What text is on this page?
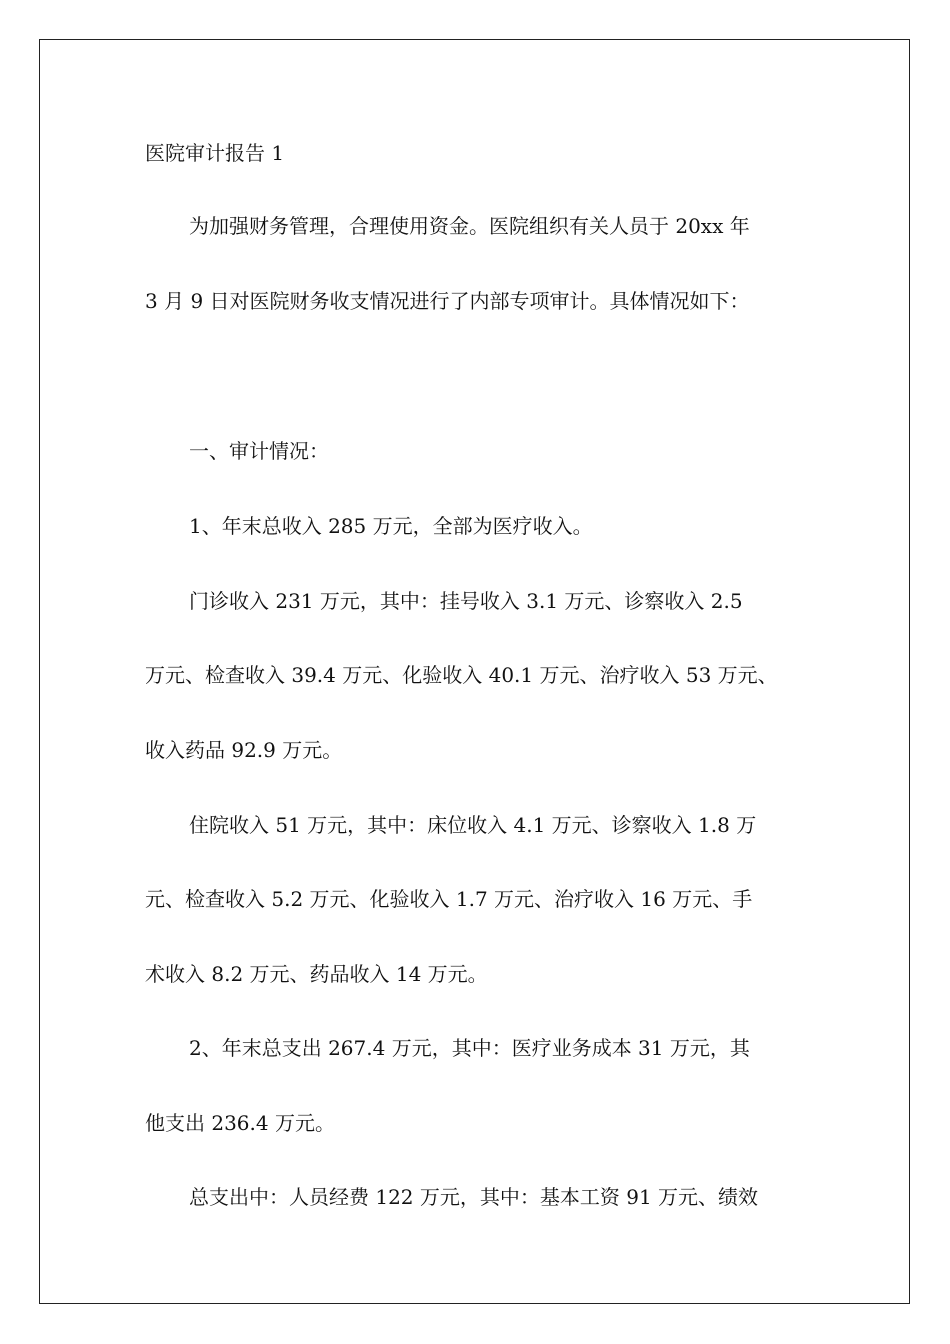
医院审计报告 1
为加强财务管理，合理使用资金。医院组织有关人员于 20xx 年
3 月 9 日对医院财务收支情况进行了内部专项审计。具体情况如下：
一、审计情况：
1、年末总收入 285 万元，全部为医疗收入。
门诊收入 231 万元，其中：挂号收入 3.1 万元、诊察收入 2.5
万元、检查收入 39.4 万元、化验收入 40.1 万元、治疗收入 53 万元、
收入药品 92.9 万元。
住院收入 51 万元，其中：床位收入 4.1 万元、诊察收入 1.8 万
元、检查收入 5.2 万元、化验收入 1.7 万元、治疗收入 16 万元、手
术收入 8.2 万元、药品收入 14 万元。
2、年末总支出 267.4 万元，其中：医疗业务成本 31 万元，其
他支出 236.4 万元。
总支出中：人员经费 122 万元，其中：基本工资 91 万元、绩效
